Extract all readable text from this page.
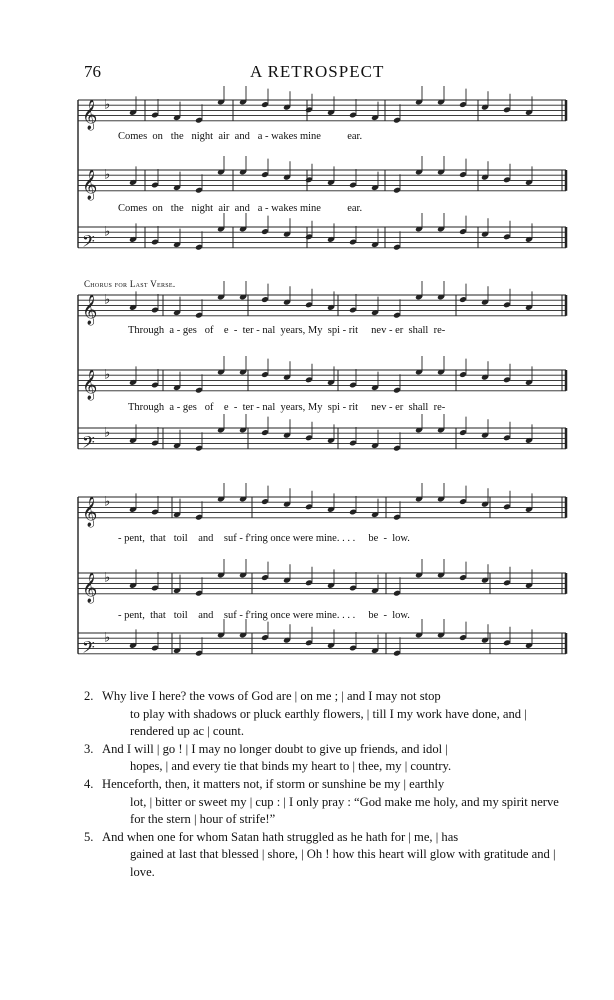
76	A RETROSPECT
𝄞 ♭
𝄞 ♭
𝄢 ♭
𝄞 ♭
𝄞 ♭
𝄢 ♭
𝄞 ♭
𝄞 ♭
𝄢 ♭
Comes  on   the   night  air  and   a - wakes mine          ear.
Comes  on   the   night  air  and   a - wakes mine          ear.
Chorus for Last Verse.
Through  a - ges   of    e  -  ter - nal  years, My  spi - rit     nev - er  shall  re-
Through  a - ges   of    e  -  ter - nal  years, My  spi - rit     nev - er  shall  re-
- pent,  that   toil    and    suf - f'ring once were mine. . . .     be  -  low.
- pent,  that   toil    and    suf - f'ring once were mine. . . .     be  -  low.
2. Why live I here? the vows of God are | on me ; | and I may not stop

to play with shadows or pluck earthly flowers, | till I my work have done, and | rendered up ac | count.

3. And I will | go ! | I may no longer doubt to give up friends, and idol |

hopes, | and every tie that binds my heart to | thee, my | country.

4. Henceforth, then, it matters not, if storm or sunshine be my | earthly

lot, | bitter or sweet my | cup : | I only pray : “God make me holy, and my spirit nerve for the stern | hour of strife!”

5. And when one for whom Satan hath struggled as he hath for | me, | has

gained at last that blessed | shore, | Oh ! how this heart will glow with gratitude and | love.
